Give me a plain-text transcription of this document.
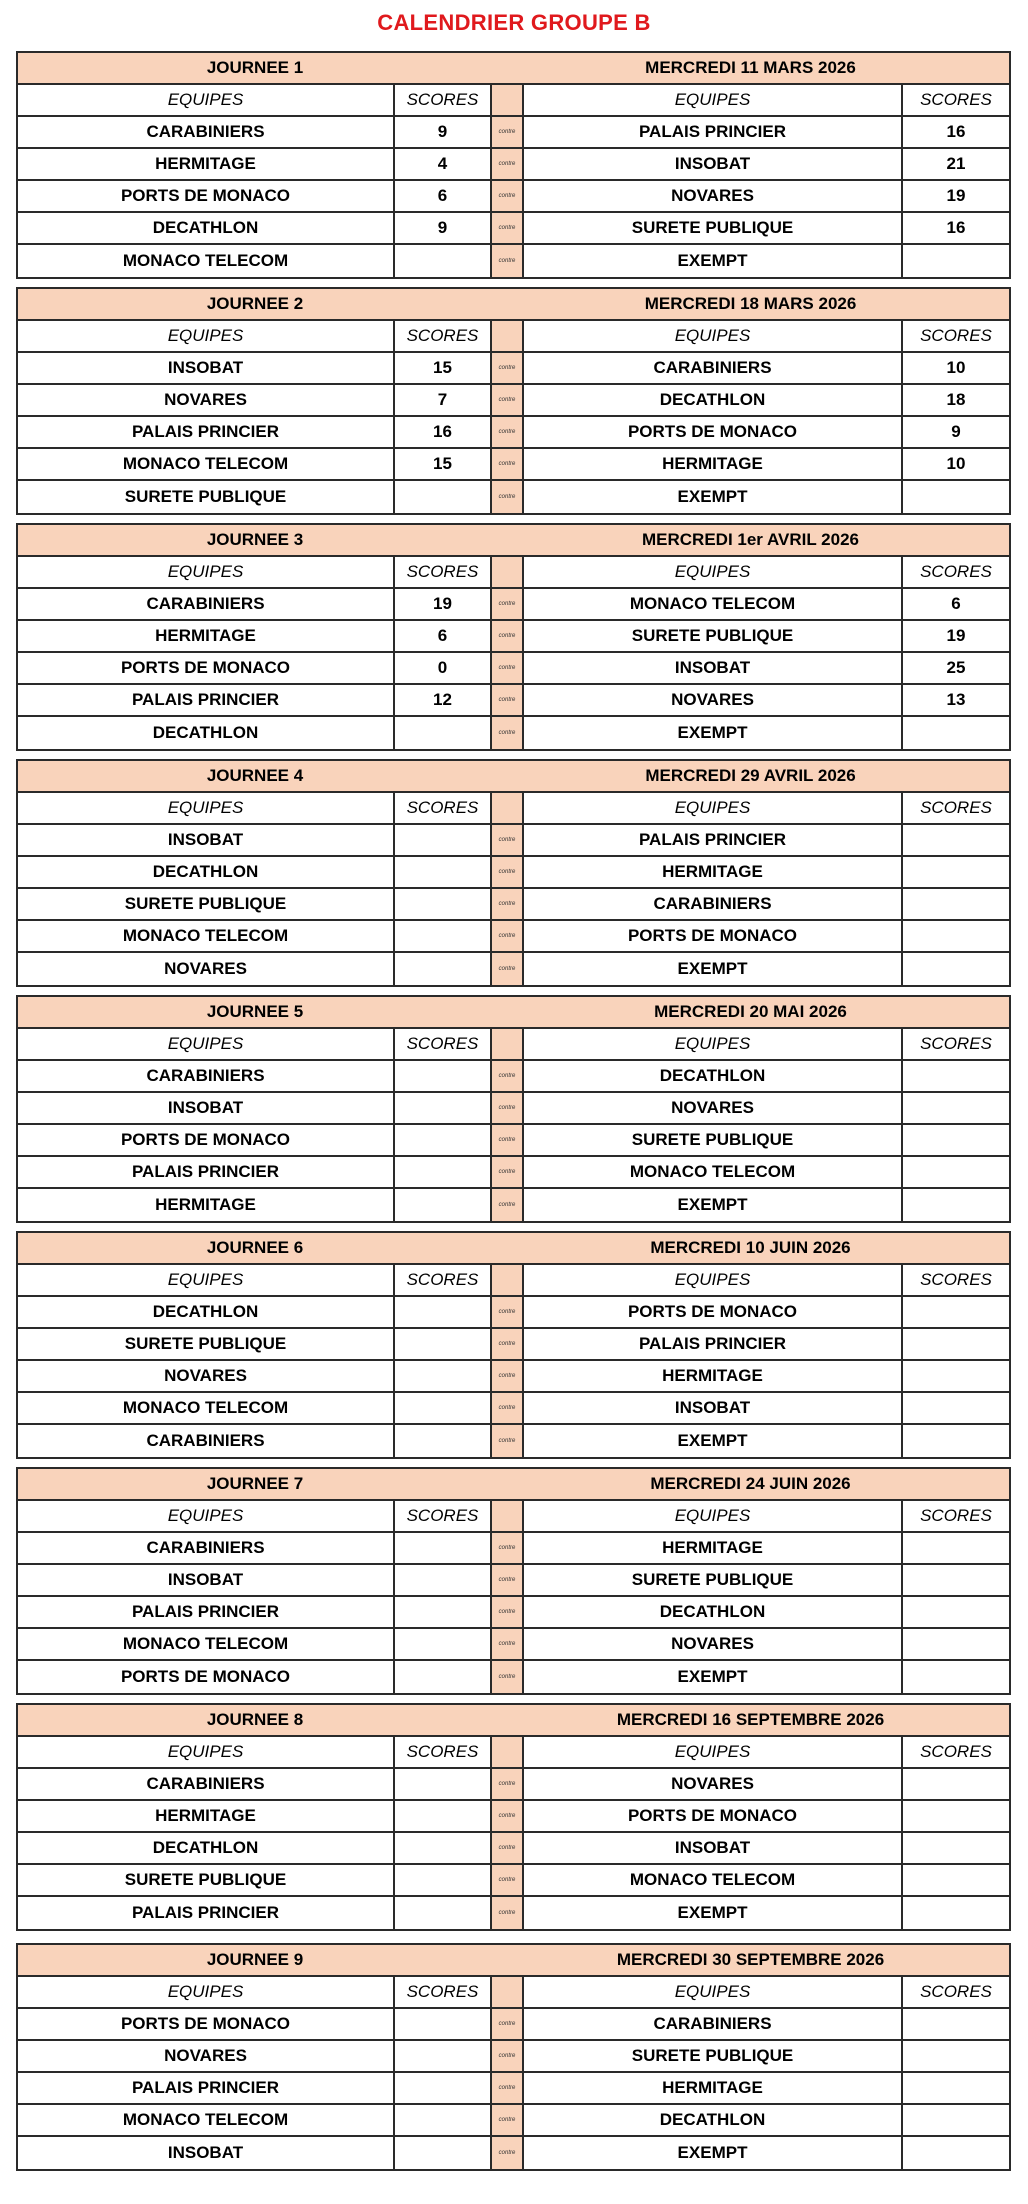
CALENDRIER GROUPE B
JOURNEE 1	MERCREDI 11 MARS 2026
EQUIPES	SCORES	EQUIPES	SCORES
CARABINIERS	9	contre	PALAIS PRINCIER	16
HERMITAGE	4	contre	INSOBAT	21
PORTS DE MONACO	6	contre	NOVARES	19
DECATHLON	9	contre	SURETE PUBLIQUE	16
MONACO TELECOM	contre	EXEMPT
JOURNEE 2	MERCREDI 18 MARS 2026
EQUIPES	SCORES	EQUIPES	SCORES
INSOBAT	15	contre	CARABINIERS	10
NOVARES	7	contre	DECATHLON	18
PALAIS PRINCIER	16	contre	PORTS DE MONACO	9
MONACO TELECOM	15	contre	HERMITAGE	10
SURETE PUBLIQUE	contre	EXEMPT
JOURNEE 3	MERCREDI 1er AVRIL 2026
EQUIPES	SCORES	EQUIPES	SCORES
CARABINIERS	19	contre	MONACO TELECOM	6
HERMITAGE	6	contre	SURETE PUBLIQUE	19
PORTS DE MONACO	0	contre	INSOBAT	25
PALAIS PRINCIER	12	contre	NOVARES	13
DECATHLON	contre	EXEMPT
JOURNEE 4	MERCREDI 29 AVRIL 2026
EQUIPES	SCORES	EQUIPES	SCORES
INSOBAT	contre	PALAIS PRINCIER
DECATHLON	contre	HERMITAGE
SURETE PUBLIQUE	contre	CARABINIERS
MONACO TELECOM	contre	PORTS DE MONACO
NOVARES	contre	EXEMPT
JOURNEE 5	MERCREDI 20 MAI 2026
EQUIPES	SCORES	EQUIPES	SCORES
CARABINIERS	contre	DECATHLON
INSOBAT	contre	NOVARES
PORTS DE MONACO	contre	SURETE PUBLIQUE
PALAIS PRINCIER	contre	MONACO TELECOM
HERMITAGE	contre	EXEMPT
JOURNEE 6	MERCREDI 10 JUIN 2026
EQUIPES	SCORES	EQUIPES	SCORES
DECATHLON	contre	PORTS DE MONACO
SURETE PUBLIQUE	contre	PALAIS PRINCIER
NOVARES	contre	HERMITAGE
MONACO TELECOM	contre	INSOBAT
CARABINIERS	contre	EXEMPT
JOURNEE 7	MERCREDI 24 JUIN 2026
EQUIPES	SCORES	EQUIPES	SCORES
CARABINIERS	contre	HERMITAGE
INSOBAT	contre	SURETE PUBLIQUE
PALAIS PRINCIER	contre	DECATHLON
MONACO TELECOM	contre	NOVARES
PORTS DE MONACO	contre	EXEMPT
JOURNEE 8	MERCREDI 16 SEPTEMBRE 2026
EQUIPES	SCORES	EQUIPES	SCORES
CARABINIERS	contre	NOVARES
HERMITAGE	contre	PORTS DE MONACO
DECATHLON	contre	INSOBAT
SURETE PUBLIQUE	contre	MONACO TELECOM
PALAIS PRINCIER	contre	EXEMPT
JOURNEE 9	MERCREDI 30 SEPTEMBRE 2026
EQUIPES	SCORES	EQUIPES	SCORES
PORTS DE MONACO	contre	CARABINIERS
NOVARES	contre	SURETE PUBLIQUE
PALAIS PRINCIER	contre	HERMITAGE
MONACO TELECOM	contre	DECATHLON
INSOBAT	contre	EXEMPT
